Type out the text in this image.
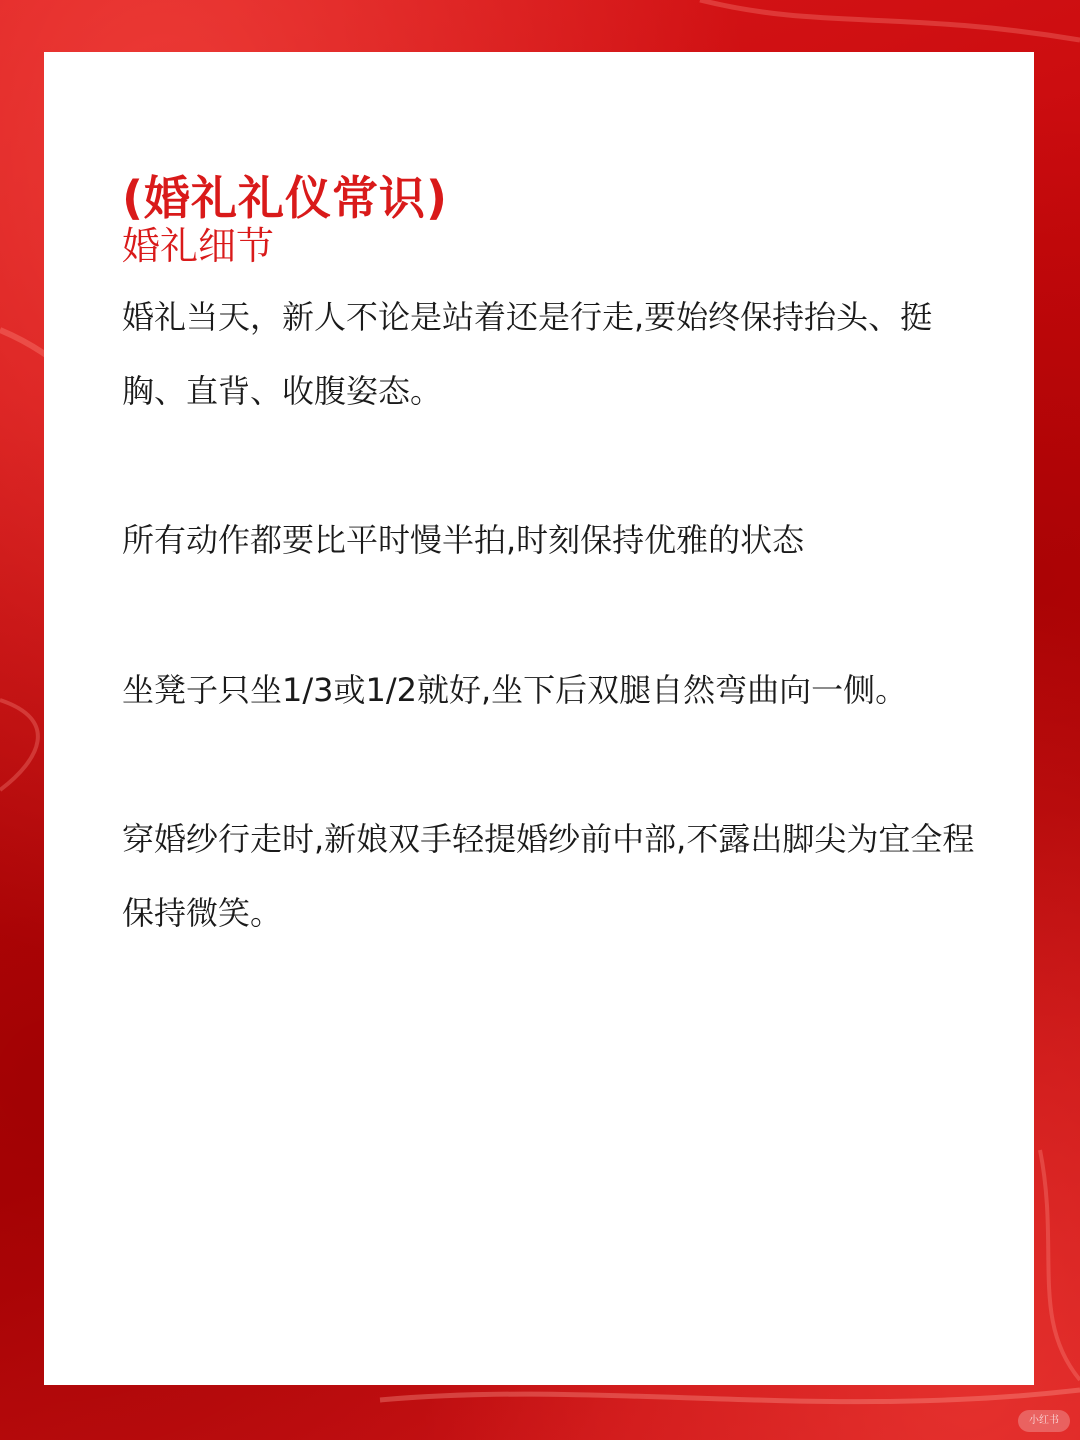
(婚礼礼仪常识)
婚礼细节

婚礼当天，新人不论是站着还是行走,要始终保持抬头、挺胸、直背、收腹姿态。

所有动作都要比平时慢半拍,时刻保持优雅的状态

坐凳子只坐1/3或1/2就好,坐下后双腿自然弯曲向一侧。

穿婚纱行走时,新娘双手轻提婚纱前中部,不露出脚尖为宜全程保持微笑。

小红书
